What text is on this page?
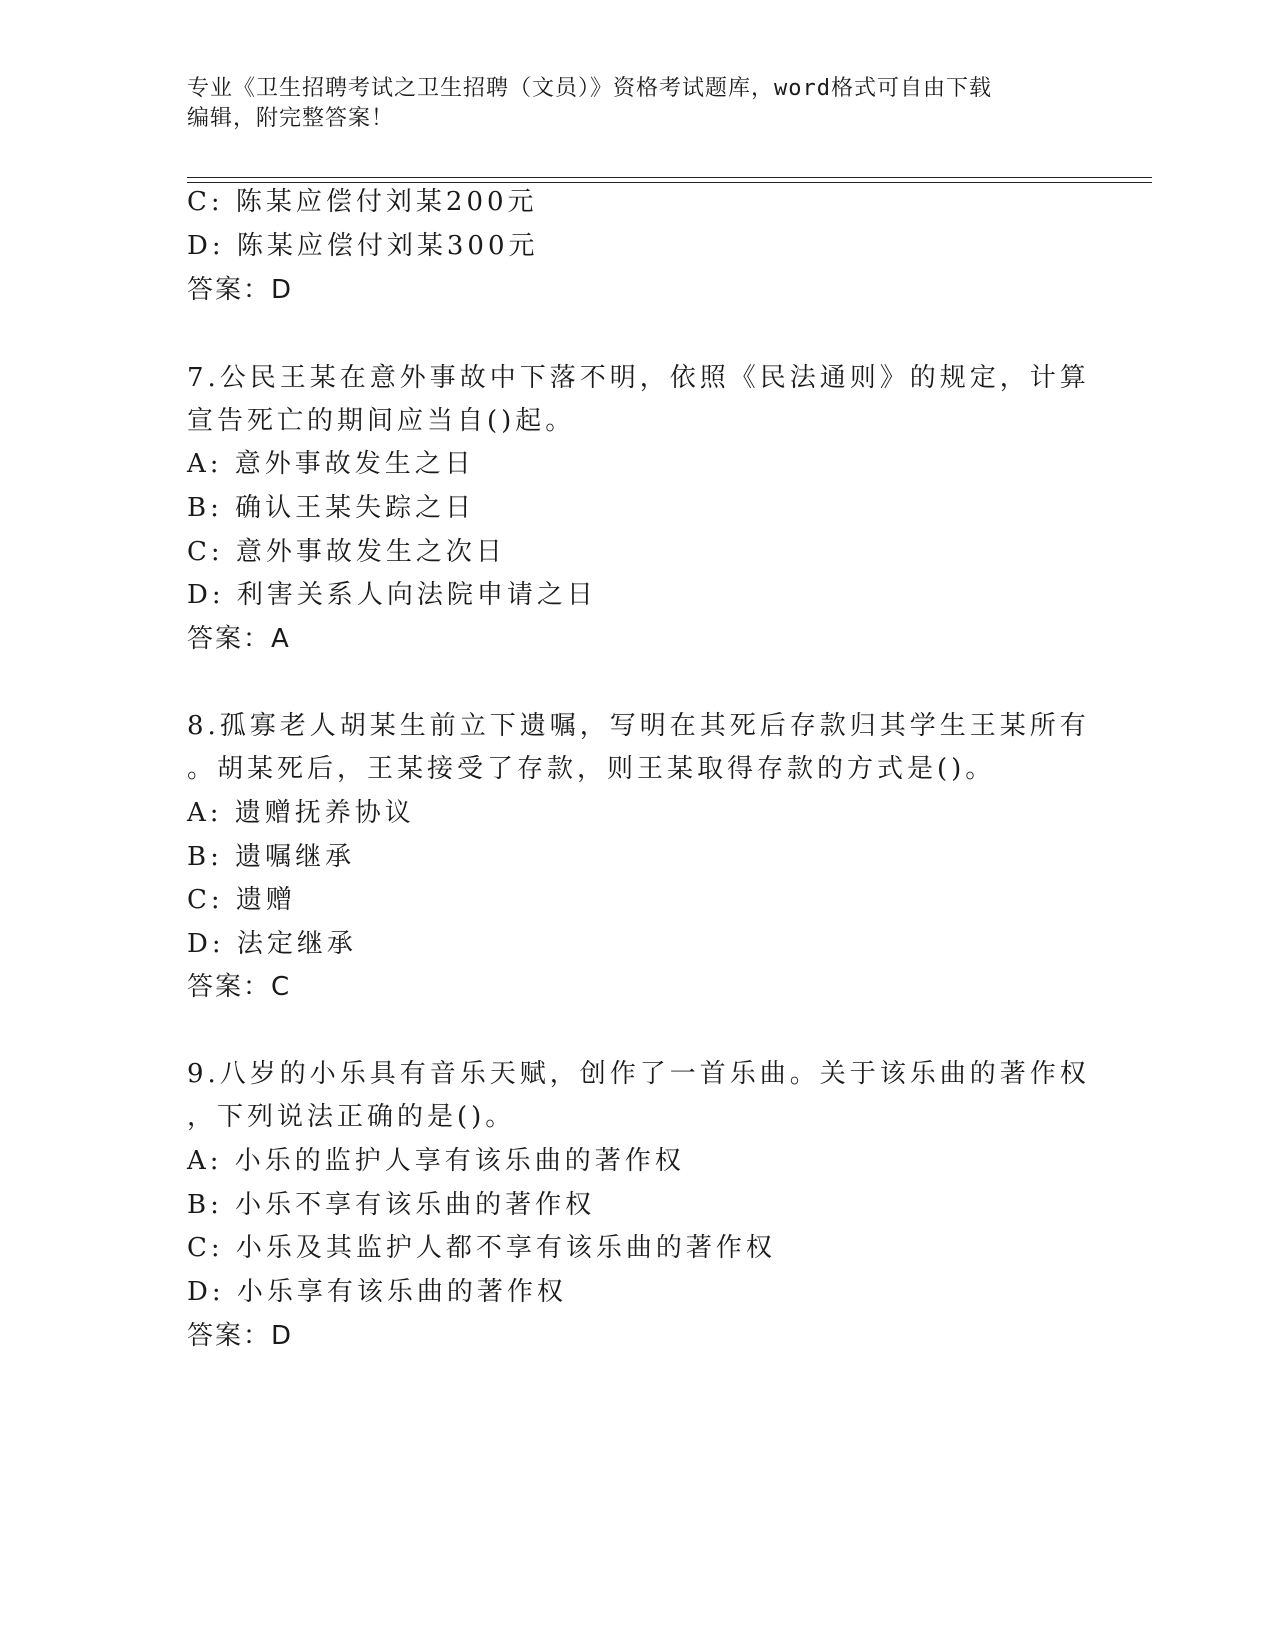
专业《卫生招聘考试之卫生招聘（文员）》资格考试题库，word格式可自由下载
编辑，附完整答案！
C: 陈某应偿付刘某200元
D: 陈某应偿付刘某300元
答案：D
7.公民王某在意外事故中下落不明，依照《民法通则》的规定，计算
宣告死亡的期间应当自()起。
A: 意外事故发生之日
B: 确认王某失踪之日
C: 意外事故发生之次日
D: 利害关系人向法院申请之日
答案：A
8.孤寡老人胡某生前立下遗嘱，写明在其死后存款归其学生王某所有
。胡某死后，王某接受了存款，则王某取得存款的方式是()。
A: 遗赠抚养协议
B: 遗嘱继承
C: 遗赠
D: 法定继承
答案：C
9.八岁的小乐具有音乐天赋，创作了一首乐曲。关于该乐曲的著作权
，下列说法正确的是()。
A: 小乐的监护人享有该乐曲的著作权
B: 小乐不享有该乐曲的著作权
C: 小乐及其监护人都不享有该乐曲的著作权
D: 小乐享有该乐曲的著作权
答案：D
